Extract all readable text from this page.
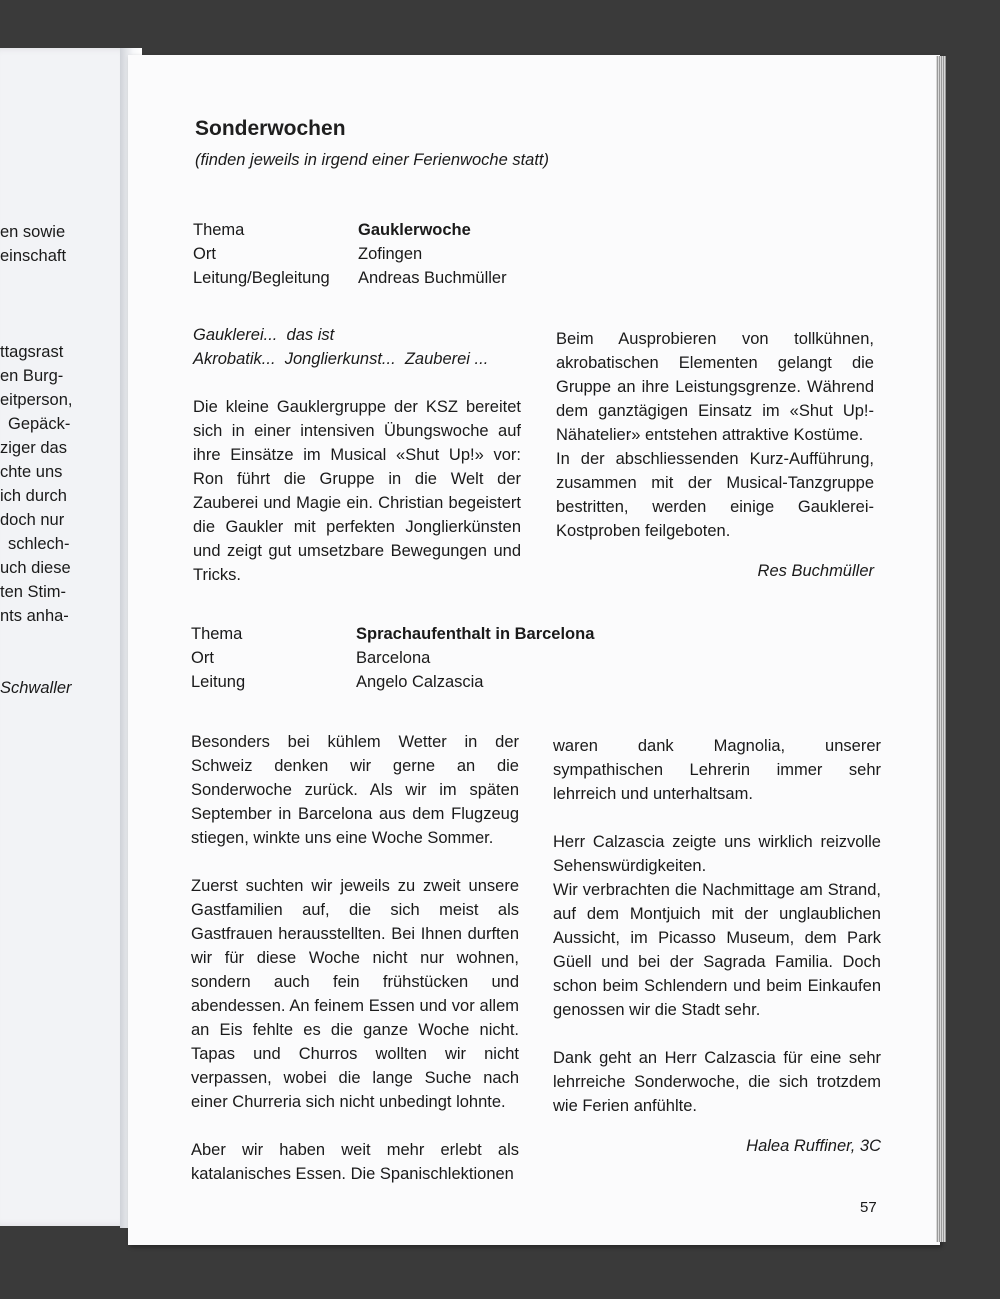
en sowie
einschaft
ttagsrast
en Burg-
eitperson,
Gepäck-
ziger das
chte uns
ich durch
doch nur
schlech-
uch diese
ten Stim-
nts anha-
Schwaller
Sonderwochen
(finden jeweils in irgend einer Ferienwoche statt)
Thema	Gauklerwoche
Ort	Zofingen
Leitung/Begleitung	Andreas Buchmüller

Gauklerei...  das ist

Akrobatik...  Jonglierkunst...  Zauberei ...

Die kleine Gauklergruppe der KSZ bereitet sich in einer intensiven Übungswoche auf ihre Einsätze im Musical «Shut Up!» vor: Ron führt die Gruppe in die Welt der Zauberei und Magie ein. Christian begeistert die Gaukler mit perfekten Jonglierkünsten und zeigt gut umsetzbare Bewegungen und Tricks.

Beim Ausprobieren von tollkühnen, akrobatischen Elementen gelangt die Gruppe an ihre Leistungsgrenze. Während dem ganztägigen Einsatz im «Shut Up!-Nähatelier» entstehen attraktive Kostüme.

In der abschliessenden Kurz-Aufführung, zusammen mit der Musical-Tanzgruppe bestritten, werden einige Gauklerei-Kostproben feilgeboten.

Res Buchmüller

Thema	Sprachaufenthalt in Barcelona
Ort	Barcelona
Leitung	Angelo Calzascia

Besonders bei kühlem Wetter in der Schweiz denken wir gerne an die Sonderwoche zurück. Als wir im späten September in Barcelona aus dem Flugzeug stiegen, winkte uns eine Woche Sommer.

Zuerst suchten wir jeweils zu zweit unsere Gastfamilien auf, die sich meist als Gastfrauen herausstellten. Bei Ihnen durften wir für diese Woche nicht nur wohnen, sondern auch fein frühstücken und abendessen. An feinem Essen und vor allem an Eis fehlte es die ganze Woche nicht. Tapas und Churros wollten wir nicht verpassen, wobei die lange Suche nach einer Churreria sich nicht unbedingt lohnte.

Aber wir haben weit mehr erlebt als katalanisches Essen. Die Spanischlektionen

waren dank Magnolia, unserer sympathischen Lehrerin immer sehr lehrreich und unterhaltsam.

Herr Calzascia zeigte uns wirklich reizvolle Sehenswürdigkeiten.

Wir verbrachten die Nachmittage am Strand, auf dem Montjuich mit der unglaublichen Aussicht, im Picasso Museum, dem Park Güell und bei der Sagrada Familia. Doch schon beim Schlendern und beim Einkaufen genossen wir die Stadt sehr.

Dank geht an Herr Calzascia für eine sehr lehrreiche Sonderwoche, die sich trotzdem wie Ferien anfühlte.

Halea Ruffiner, 3C

57
